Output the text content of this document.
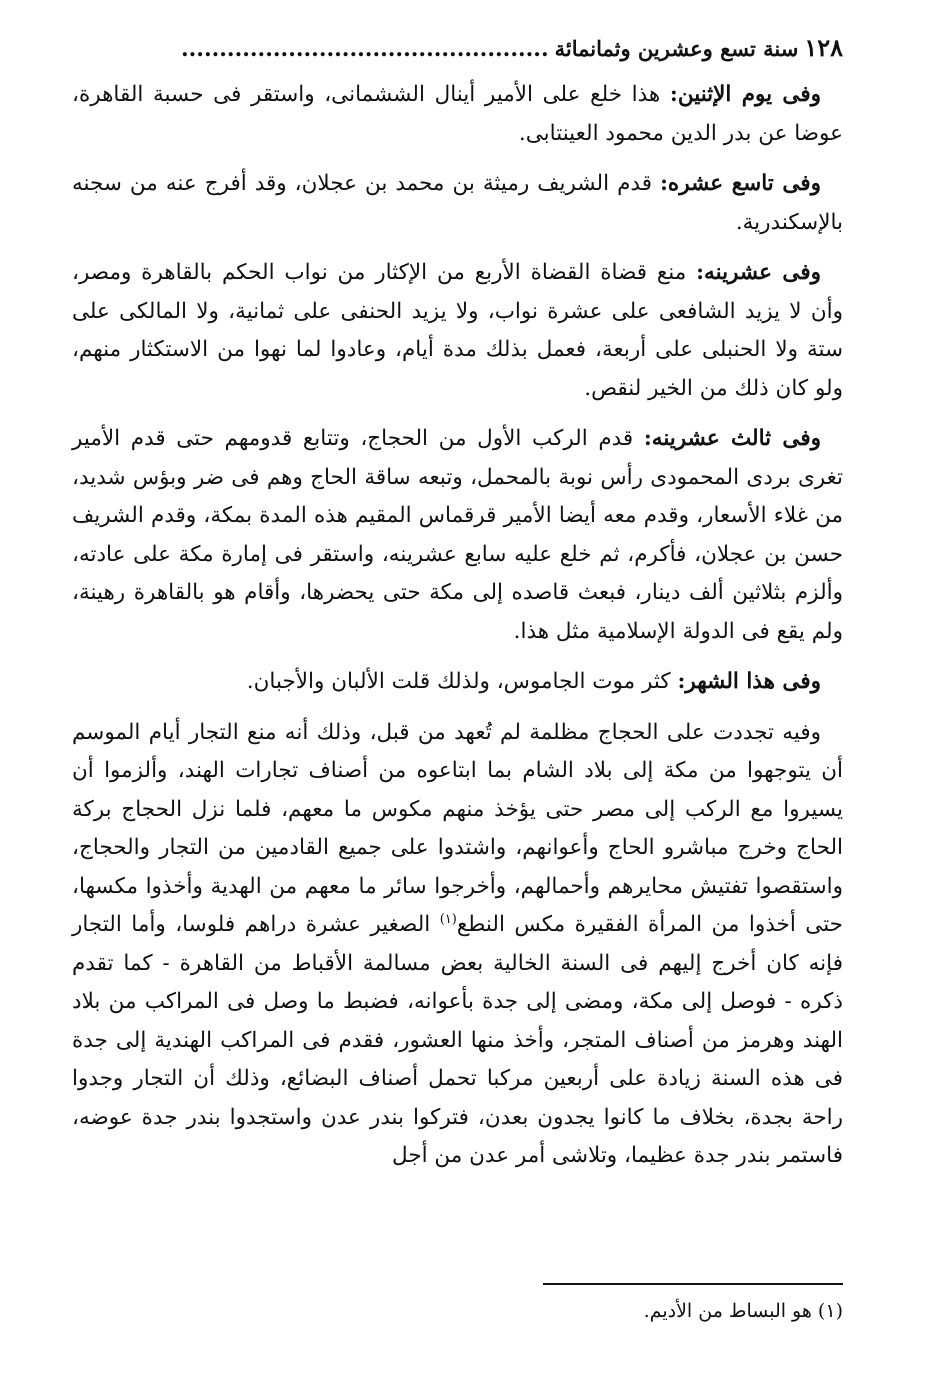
١٢٨
سنة تسع وعشرين وثمانمائة
................................................

وفى يوم الإثنين: هذا خلع على الأمير أينال الششمانى، واستقر فى حسبة القاهرة، عوضا عن بدر الدين محمود العينتابى.

وفى تاسع عشره: قدم الشريف رميثة بن محمد بن عجلان، وقد أفرج عنه من سجنه بالإسكندرية.

وفى عشرينه: منع قضاة القضاة الأربع من الإكثار من نواب الحكم بالقاهرة ومصر، وأن لا يزيد الشافعى على عشرة نواب، ولا يزيد الحنفى على ثمانية، ولا المالكى على ستة ولا الحنبلى على أربعة، فعمل بذلك مدة أيام، وعادوا لما نهوا من الاستكثار منهم، ولو كان ذلك من الخير لنقص.

وفى ثالث عشرينه: قدم الركب الأول من الحجاج، وتتابع قدومهم حتى قدم الأمير تغرى بردى المحمودى رأس نوبة بالمحمل، وتبعه ساقة الحاج وهم فى ضر وبؤس شديد، من غلاء الأسعار، وقدم معه أيضا الأمير قرقماس المقيم هذه المدة بمكة، وقدم الشريف حسن بن عجلان، فأكرم، ثم خلع عليه سابع عشرينه، واستقر فى إمارة مكة على عادته، وألزم بثلاثين ألف دينار، فبعث قاصده إلى مكة حتى يحضرها، وأقام هو بالقاهرة رهينة، ولم يقع فى الدولة الإسلامية مثل هذا.

وفى هذا الشهر: كثر موت الجاموس، ولذلك قلت الألبان والأجبان.

وفيه تجددت على الحجاج مظلمة لم تُعهد من قبل، وذلك أنه منع التجار أيام الموسم أن يتوجهوا من مكة إلى بلاد الشام بما ابتاعوه من أصناف تجارات الهند، وألزموا أن يسيروا مع الركب إلى مصر حتى يؤخذ منهم مكوس ما معهم، فلما نزل الحجاج بركة الحاج وخرج مباشرو الحاج وأعوانهم، واشتدوا على جميع القادمين من التجار والحجاج، واستقصوا تفتيش محايرهم وأحمالهم، وأخرجوا سائر ما معهم من الهدية وأخذوا مكسها، حتى أخذوا من المرأة الفقيرة مكس النطع$^{(١)}$ الصغير عشرة دراهم فلوسا، وأما التجار فإنه كان أخرج إليهم فى السنة الخالية بعض مسالمة الأقباط من القاهرة - كما تقدم ذكره - فوصل إلى مكة، ومضى إلى جدة بأعوانه، فضبط ما وصل فى المراكب من بلاد الهند وهرمز من أصناف المتجر، وأخذ منها العشور، فقدم فى المراكب الهندية إلى جدة فى هذه السنة زيادة على أربعين مركبا تحمل أصناف البضائع، وذلك أن التجار وجدوا راحة بجدة، بخلاف ما كانوا يجدون بعدن، فتركوا بندر عدن واستجدوا بندر جدة عوضه، فاستمر بندر جدة عظيما، وتلاشى أمر عدن من أجل

(١) هو البساط من الأديم.
